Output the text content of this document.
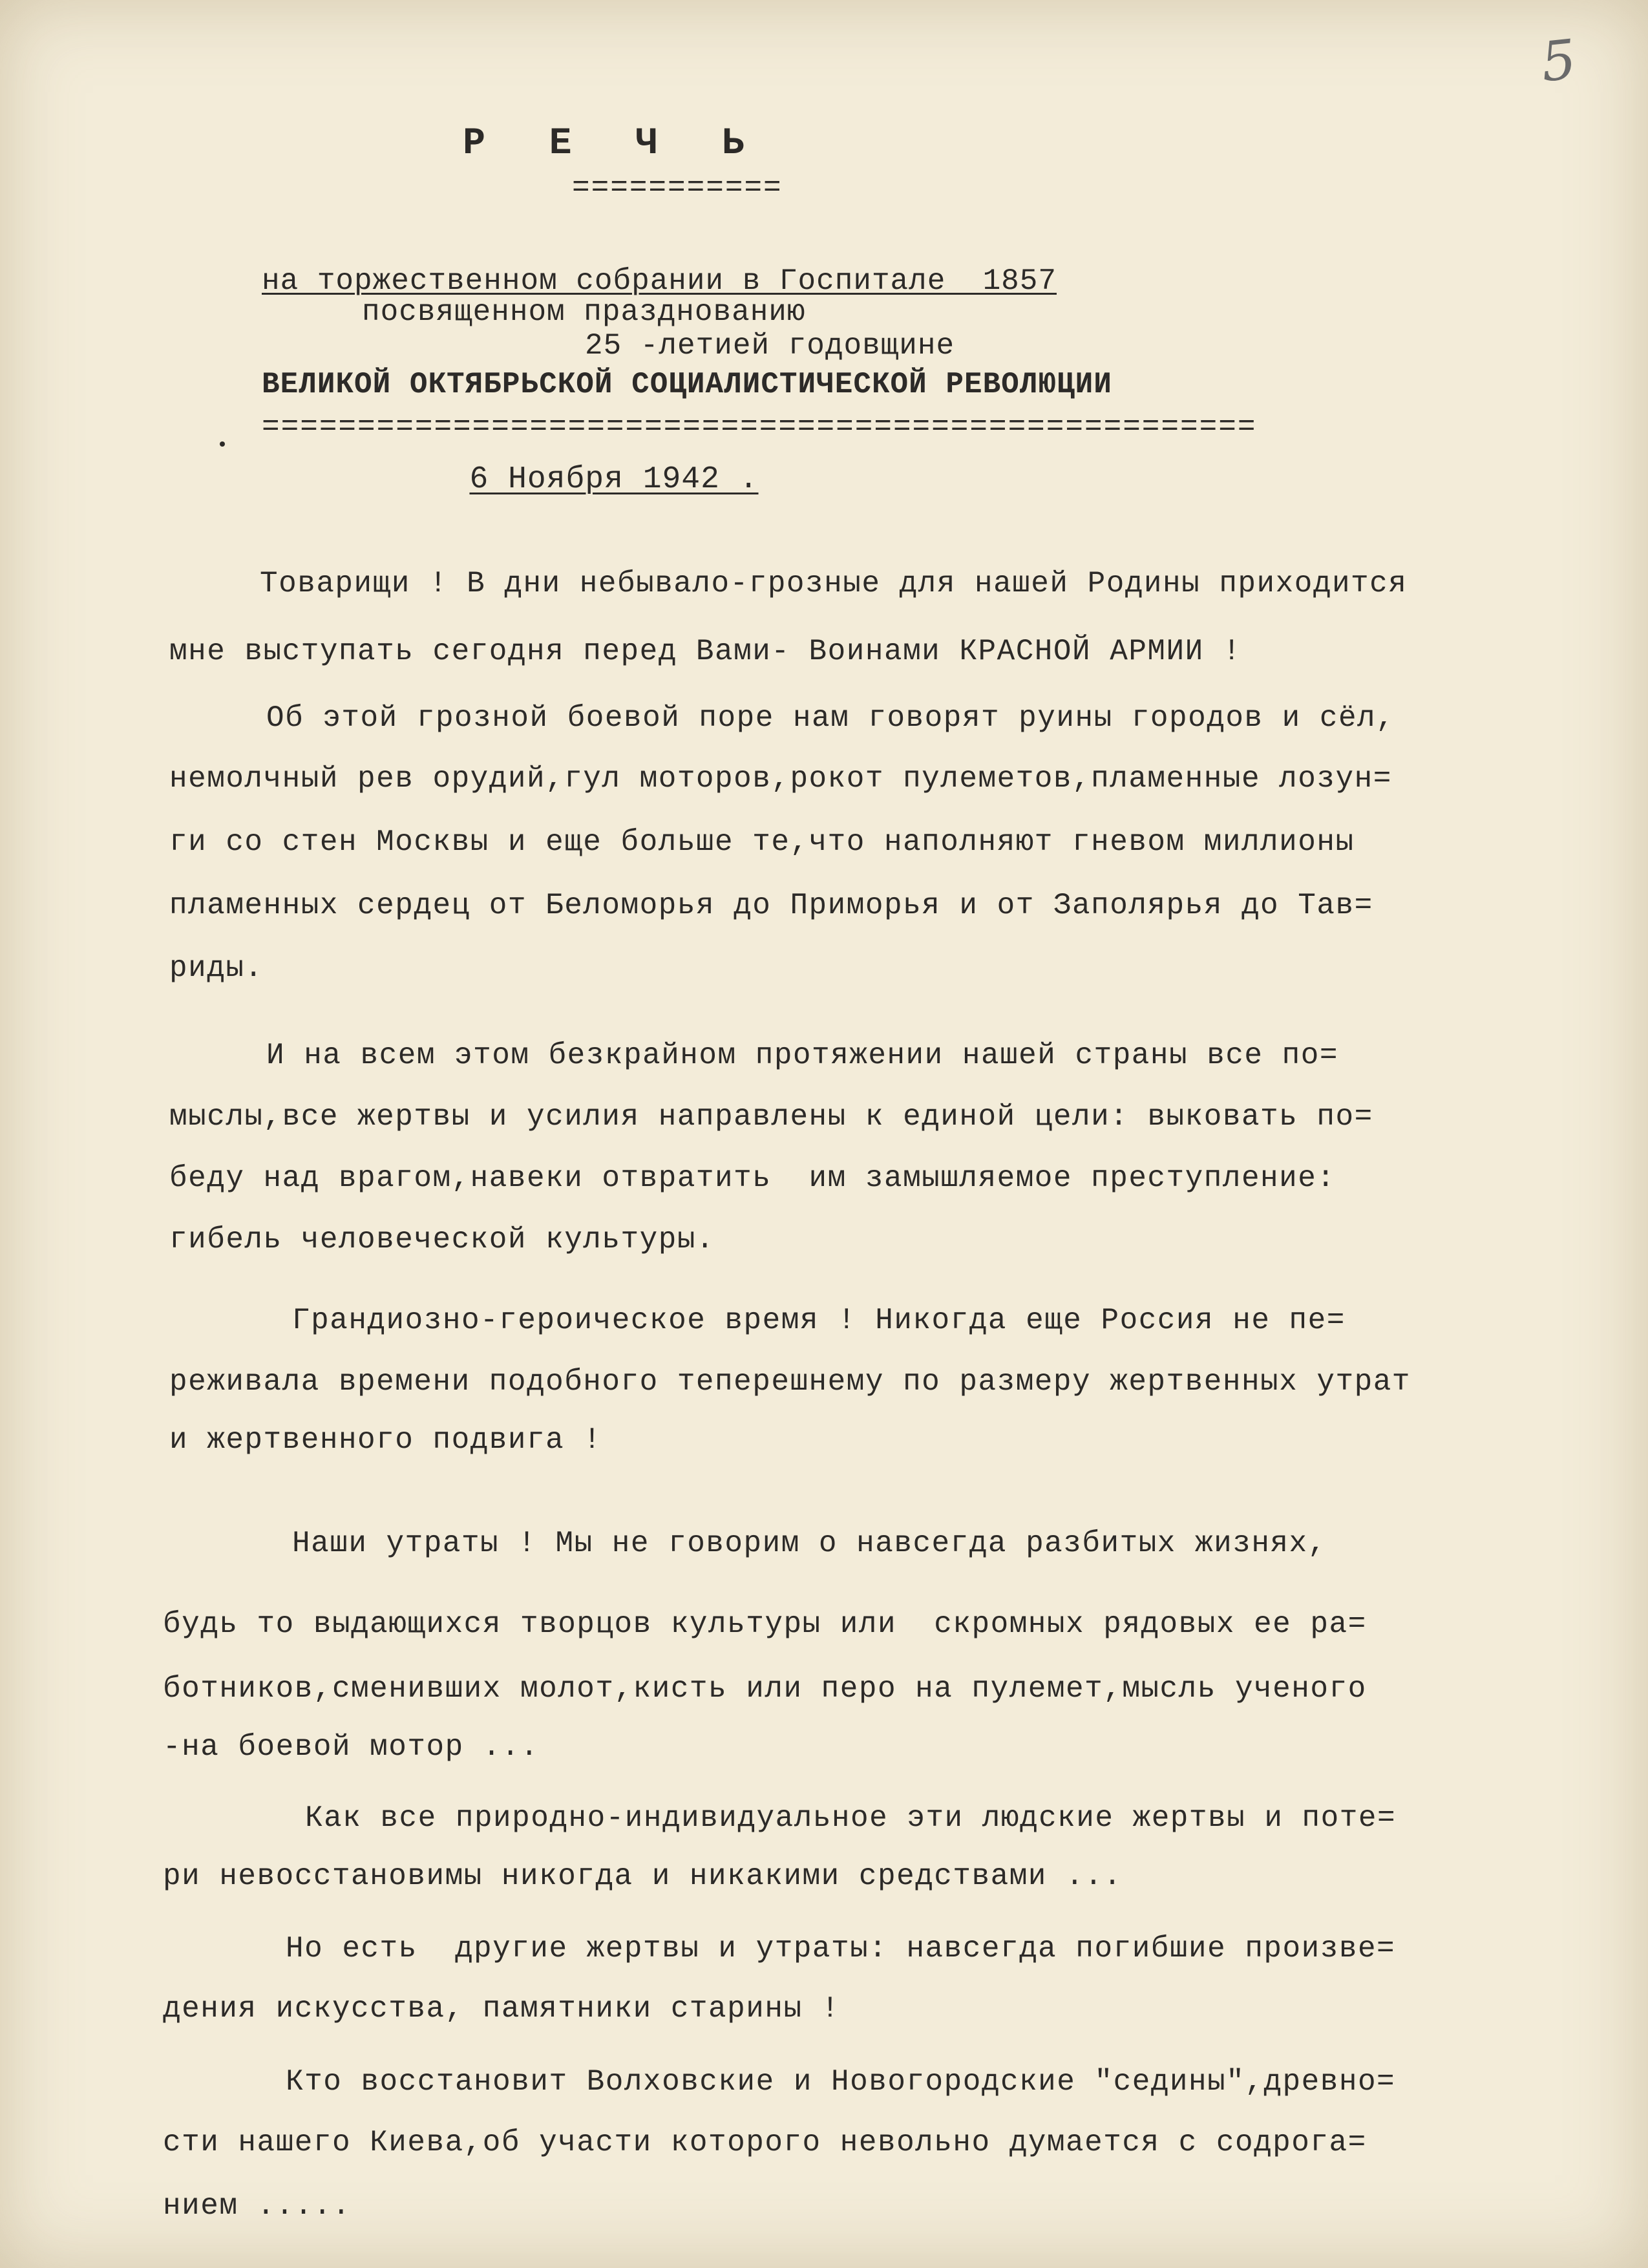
5
Р Е Ч Ь
===========
на торжественном собрании в Госпитале  1857
посвященном празднованию
25 -летией годовщине
ВЕЛИКОЙ ОКТЯБРЬСКОЙ СОЦИАЛИСТИЧЕСКОЙ РЕВОЛЮЦИИ
====================================================
6 Ноября 1942 .
Товарищи ! В дни небывало-грозные для нашей Родины приходится
мне выступать сегодня перед Вами- Воинами КРАСНОЙ АРМИИ !
Об этой грозной боевой поре нам говорят руины городов и сёл,
немолчный рев орудий,гул моторов,рокот пулеметов,пламенные лозун=
ги со стен Москвы и еще больше те,что наполняют гневом миллионы
пламенных сердец от Беломорья до Приморья и от Заполярья до Тав=
риды.
И на всем этом безкрайном протяжении нашей страны все по=
мыслы,все жертвы и усилия направлены к единой цели: выковать по=
беду над врагом,навеки отвратить  им замышляемое преступление:
гибель человеческой культуры.
Грандиозно-героическое время ! Никогда еще Россия не пе=
реживала времени подобного теперешнему по размеру жертвенных утрат
и жертвенного подвига !
Наши утраты ! Мы не говорим о навсегда разбитых жизнях,
будь то выдающихся творцов культуры или  скромных рядовых ее ра=
ботников,сменивших молот,кисть или перо на пулемет,мысль ученого
-на боевой мотор ...
Как все природно-индивидуальное эти людские жертвы и поте=
ри невосстановимы никогда и никакими средствами ...
Но есть  другие жертвы и утраты: навсегда погибшие произве=
дения искусства, памятники старины !
Кто восстановит Волховские и Новогородские "седины",древно=
сти нашего Киева,об участи которого невольно думается с содрога=
нием .....
